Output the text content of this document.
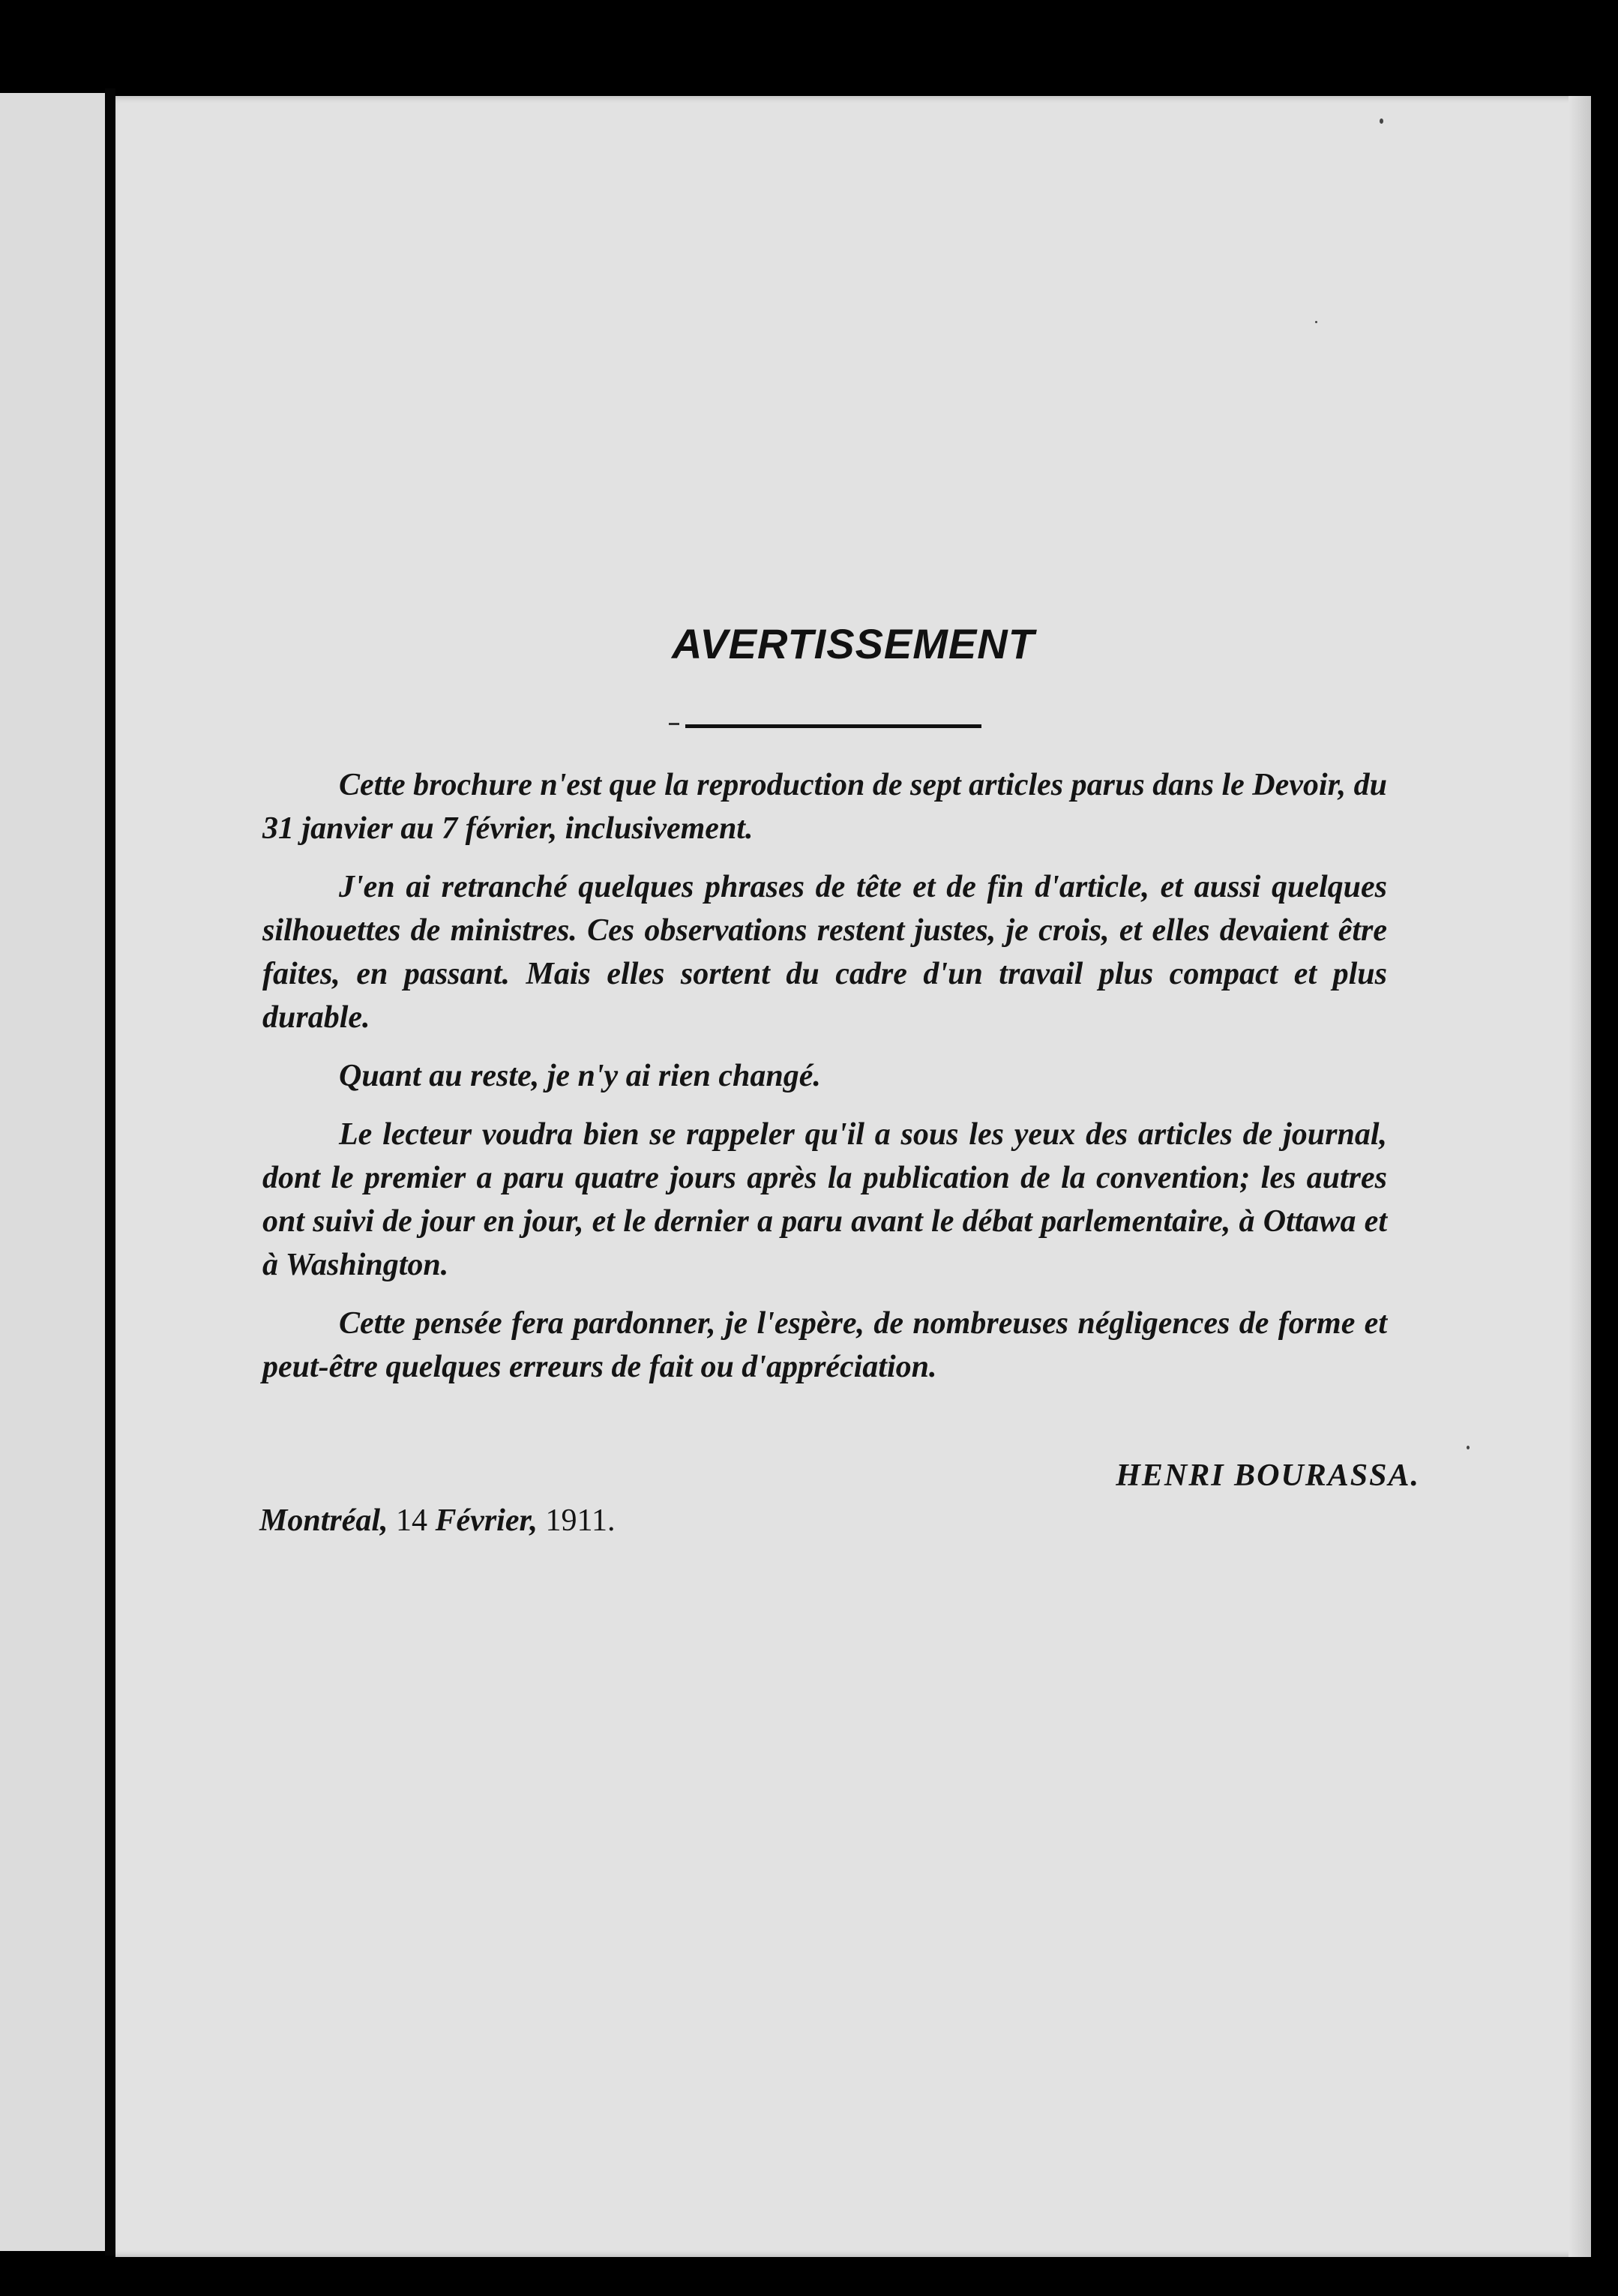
AVERTISSEMENT

Cette brochure n'est que la reproduction de sept articles parus dans le Devoir, du 31 janvier au 7 février, inclusivement.

J'en ai retranché quelques phrases de tête et de fin d'article, et aussi quelques silhouettes de ministres. Ces observations restent justes, je crois, et elles devaient être faites, en passant. Mais elles sortent du cadre d'un travail plus compact et plus durable.

Quant au reste, je n'y ai rien changé.

Le lecteur voudra bien se rappeler qu'il a sous les yeux des articles de journal, dont le premier a paru quatre jours après la publication de la convention; les autres ont suivi de jour en jour, et le dernier a paru avant le débat parlementaire, à Ottawa et à Washington.

Cette pensée fera pardonner, je l'espère, de nombreuses négligences de forme et peut-être quelques erreurs de fait ou d'appréciation.

HENRI BOURASSA.
Montréal, 14 Février, 1911.
